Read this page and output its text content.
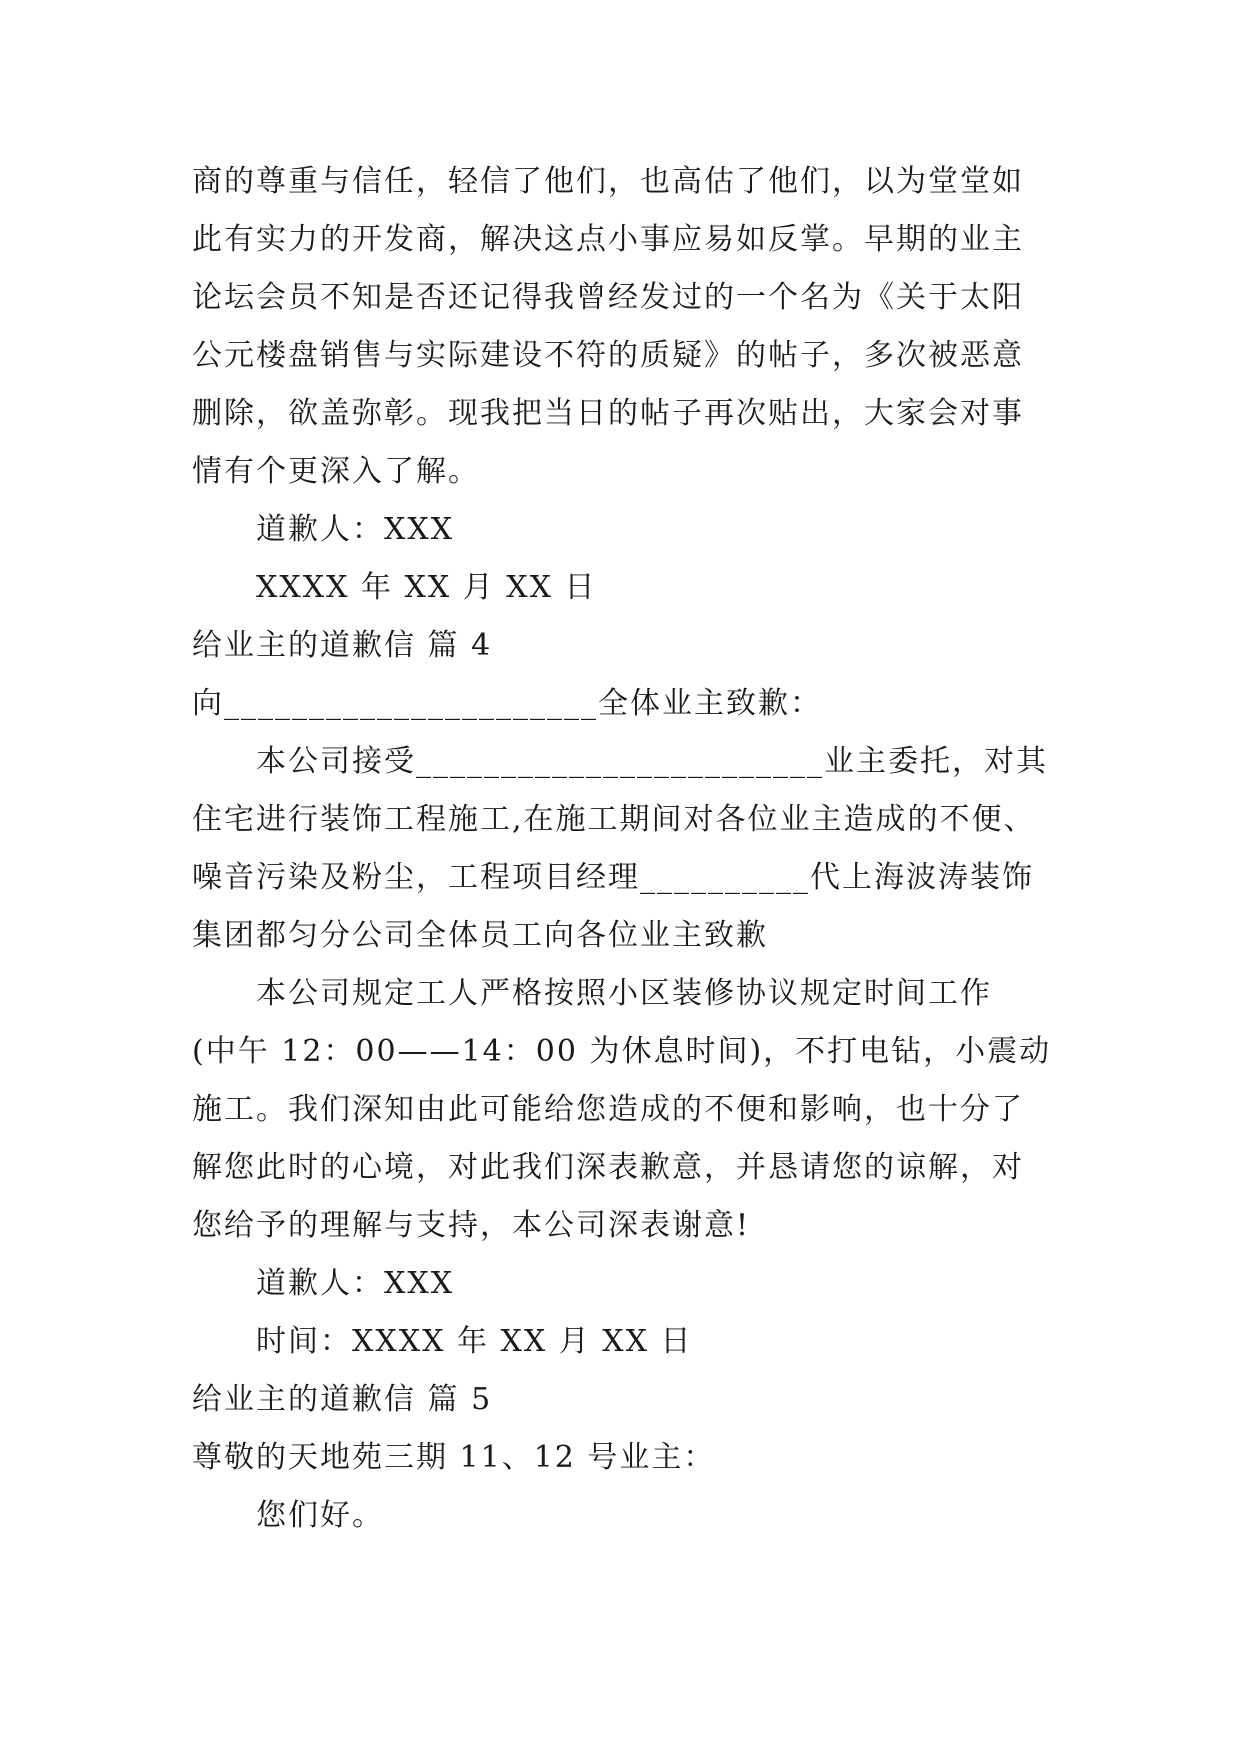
商的尊重与信任，轻信了他们，也高估了他们，以为堂堂如
此有实力的开发商，解决这点小事应易如反掌。早期的业主
论坛会员不知是否还记得我曾经发过的一个名为《关于太阳
公元楼盘销售与实际建设不符的质疑》的帖子，多次被恶意
删除，欲盖弥彰。现我把当日的帖子再次贴出，大家会对事
情有个更深入了解。
道歉人：XXX
XXXX 年 XX 月 XX 日
给业主的道歉信 篇 4
向______________________全体业主致歉：
本公司接受________________________业主委托，对其
住宅进行装饰工程施工,在施工期间对各位业主造成的不便、
噪音污染及粉尘，工程项目经理__________代上海波涛装饰
集团都匀分公司全体员工向各位业主致歉
本公司规定工人严格按照小区装修协议规定时间工作
(中午 12：00——14：00 为休息时间)，不打电钻，小震动
施工。我们深知由此可能给您造成的不便和影响，也十分了
解您此时的心境，对此我们深表歉意，并恳请您的谅解，对
您给予的理解与支持，本公司深表谢意!
道歉人：XXX
时间：XXXX 年 XX 月 XX 日
给业主的道歉信 篇 5
尊敬的天地苑三期 11、12 号业主：
您们好。
